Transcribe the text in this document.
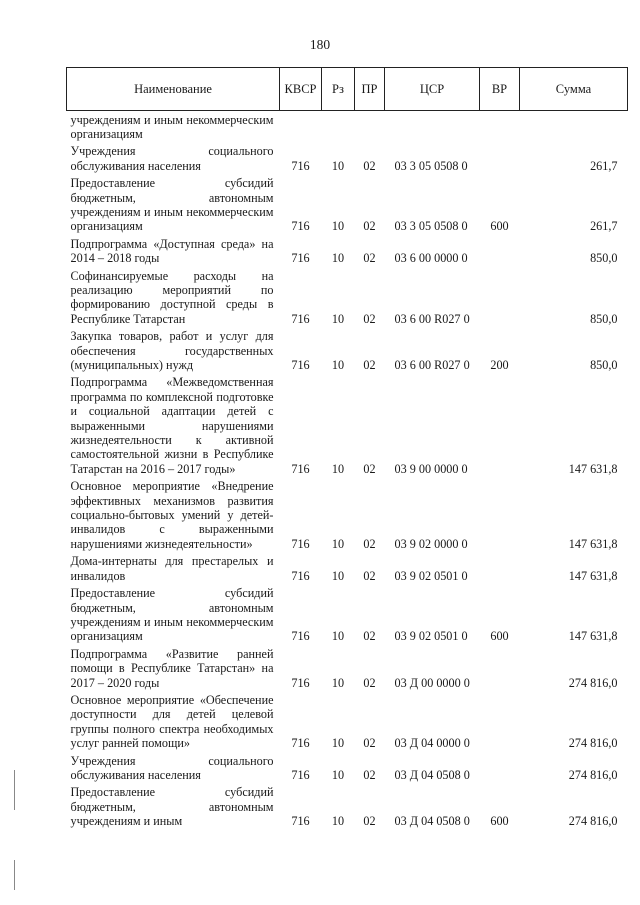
180
Наименование	КВСР	Рз	ПР	ЦСР	ВР	Сумма
учреждениям и иным некоммерческим организациям						
Учреждения социального обслуживания населения	716	10	02	03 3 05 0508 0		261,7
Предоставление субсидий бюджетным, автономным учреждениям и иным некоммерческим организациям	716	10	02	03 3 05 0508 0	600	261,7
Подпрограмма «Доступная среда» на 2014 – 2018 годы	716	10	02	03 6 00 0000 0		850,0
Софинансируемые расходы на реализацию мероприятий по формированию доступной среды в Республике Татарстан	716	10	02	03 6 00 R027 0		850,0
Закупка товаров, работ и услуг для обеспечения государственных (муниципальных) нужд	716	10	02	03 6 00 R027 0	200	850,0
Подпрограмма «Межведомственная программа по комплексной подготовке и социальной адаптации детей с выраженными нарушениями жизнедеятельности к активной самостоятельной жизни в Республике Татарстан на 2016 – 2017 годы»	716	10	02	03 9 00 0000 0		147 631,8
Основное мероприятие «Внедрение эффективных механизмов развития социально-бытовых умений у детей-инвалидов с выраженными нарушениями жизнедеятельности»	716	10	02	03 9 02 0000 0		147 631,8
Дома-интернаты для престарелых и инвалидов	716	10	02	03 9 02 0501 0		147 631,8
Предоставление субсидий бюджетным, автономным учреждениям и иным некоммерческим организациям	716	10	02	03 9 02 0501 0	600	147 631,8
Подпрограмма «Развитие ранней помощи в Республике Татарстан» на 2017 – 2020 годы	716	10	02	03 Д 00 0000 0		274 816,0
Основное мероприятие «Обеспечение доступности для детей целевой группы полного спектра необходимых услуг ранней помощи»	716	10	02	03 Д 04 0000 0		274 816,0
Учреждения социального обслуживания населения	716	10	02	03 Д 04 0508 0		274 816,0
Предоставление субсидий бюджетным, автономным учреждениям и иным	716	10	02	03 Д 04 0508 0	600	274 816,0
